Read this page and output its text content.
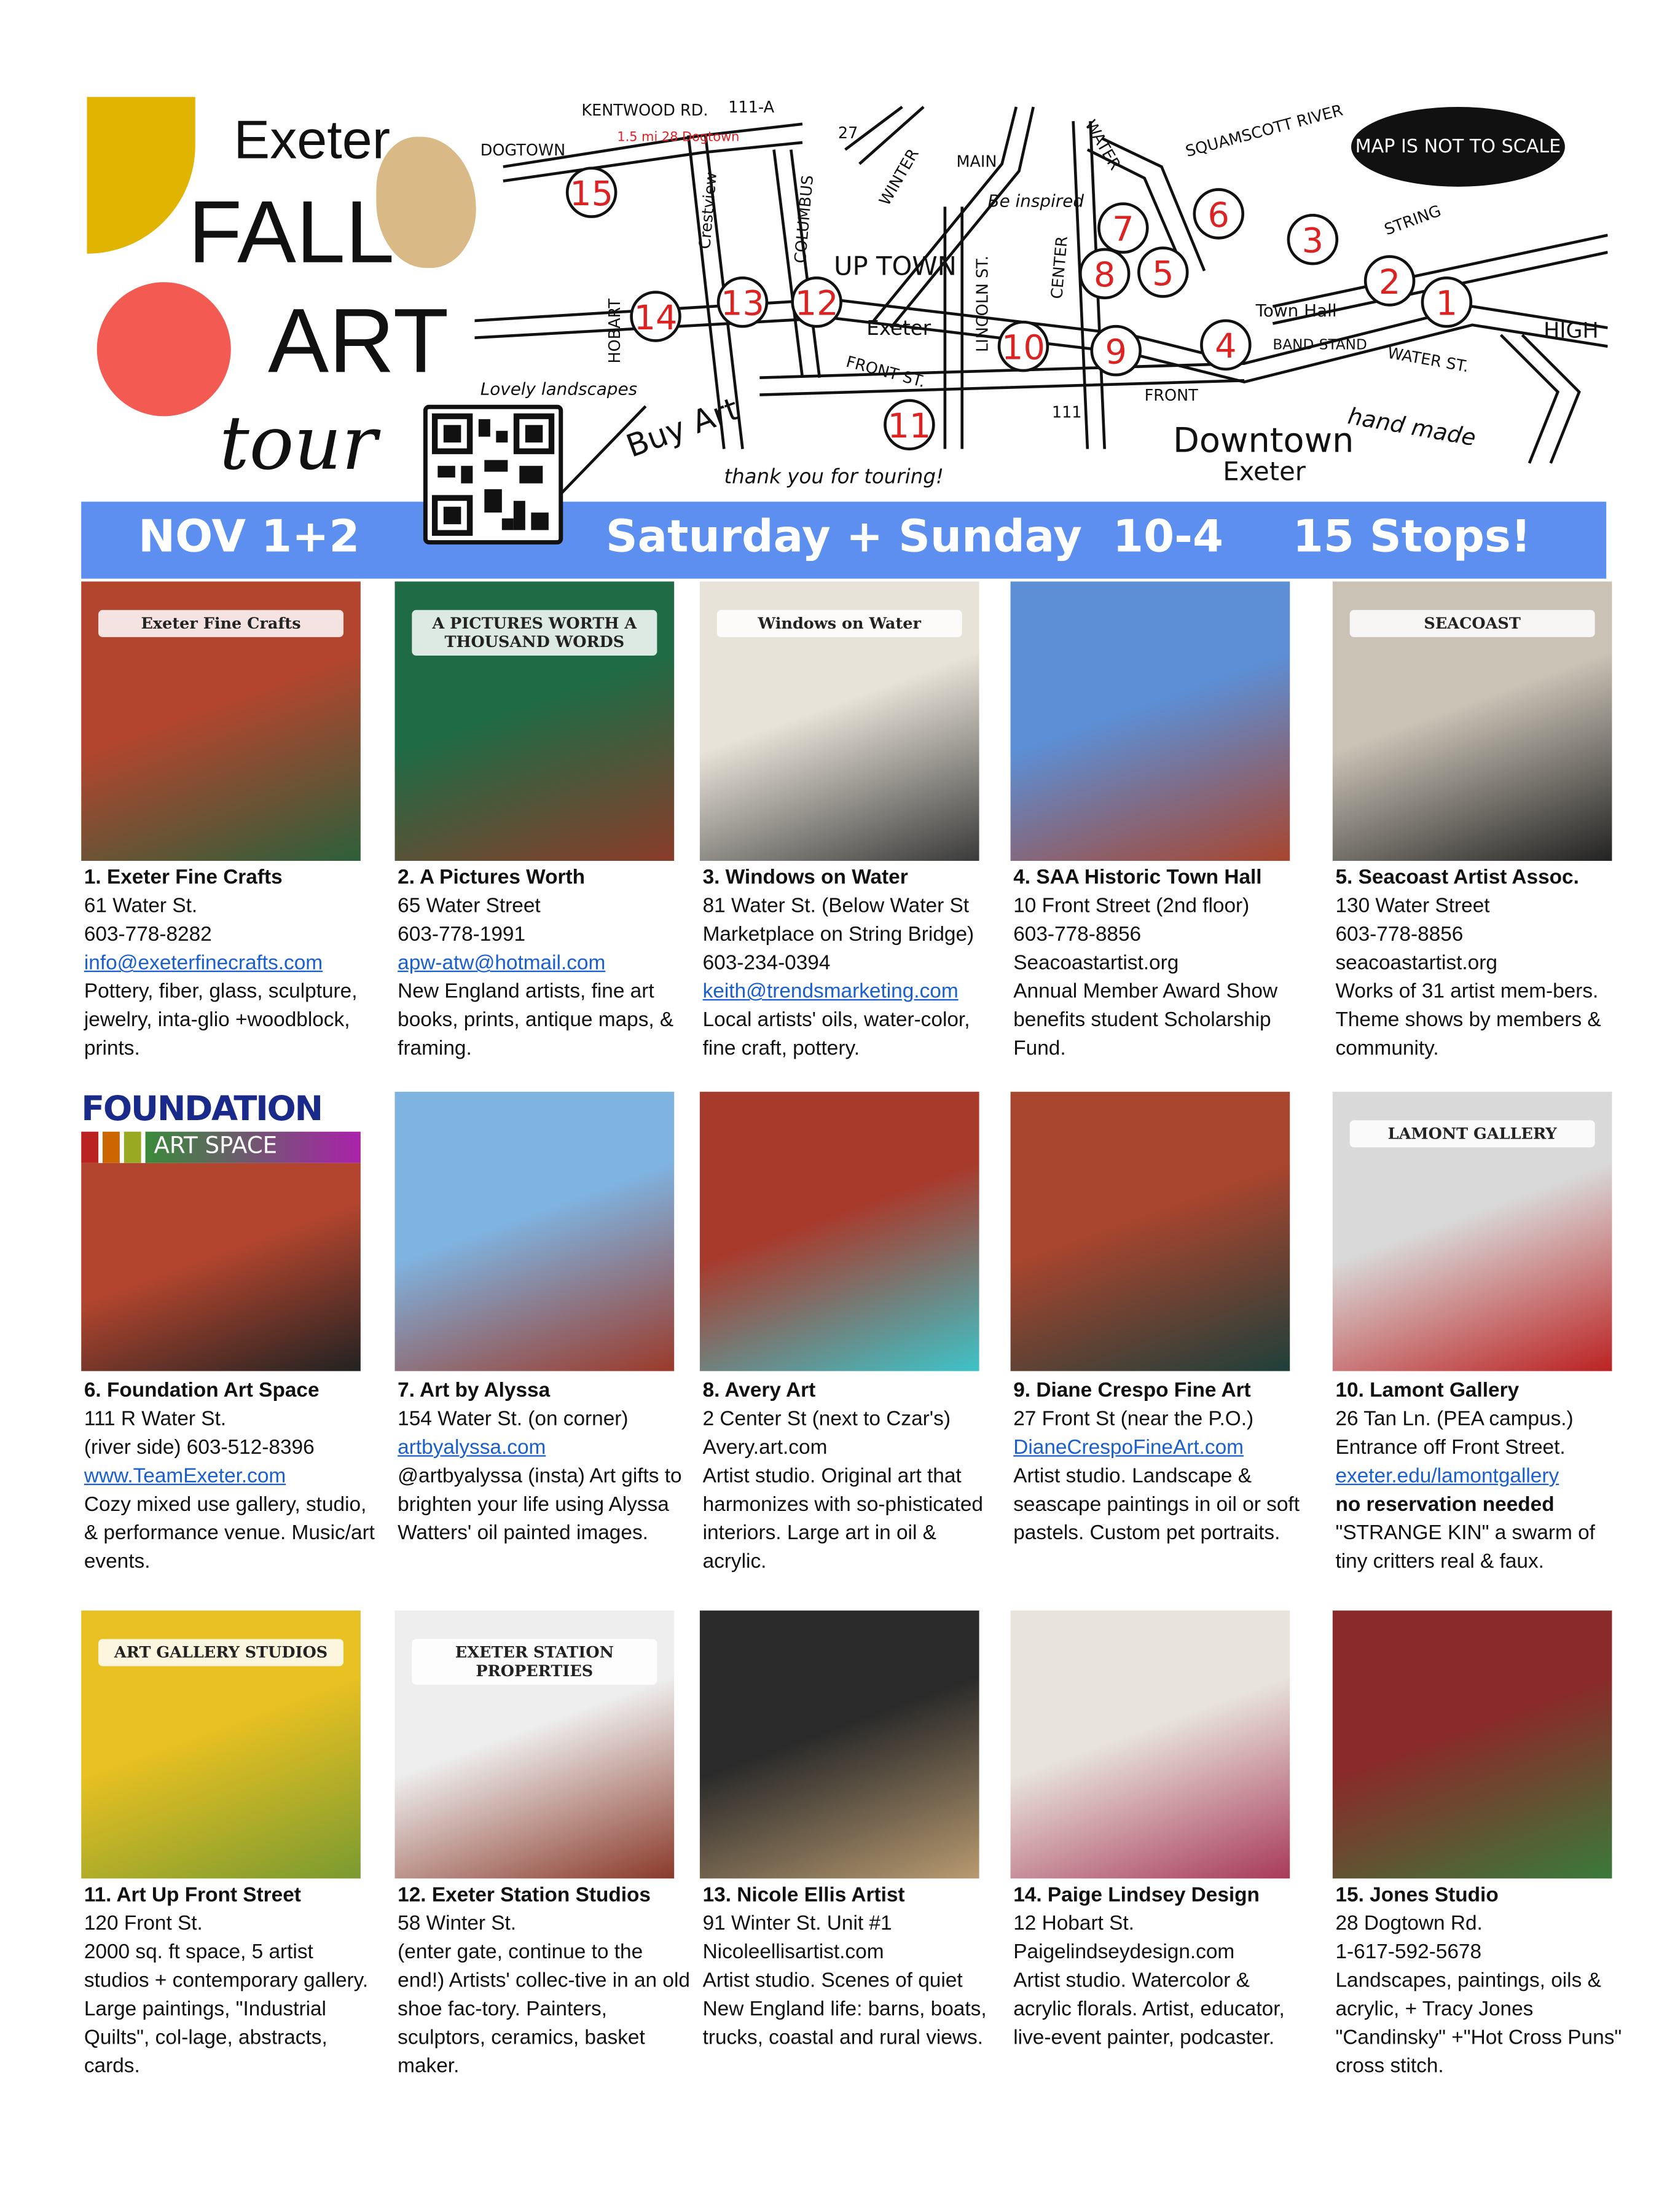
Exeter
FALL
ART
tour
KENTWOOD RD.
DOGTOWN
Crestview	COLUMBUS	WINTER	MAIN
LINCOLN ST.	CENTER
WATER
STRING
WATER ST.
HIGH
FRONT ST.
FRONT
HOBART
SQUAMSCOTT RIVER
111-A
27
111
1.5 mi 28 Dogtown
Lovely landscapes
Be inspired
UP TOWN
Exeter
Town Hall
BAND-STAND
Buy Art
thank you for touring!
Downtown
Exeter
hand made
MAP IS NOT TO SCALE
1
2
3
4
5
6
7
8
9
10
11
12
13
14
15
NOV 1+2	Saturday + Sunday  10-4	15 Stops!
Exeter Fine Crafts
1. Exeter Fine Crafts
61 Water St.
603-778-8282
info@exeterfinecrafts.com
Pottery, fiber, glass, sculpture, jewelry, inta-glio +woodblock, prints.
A PICTURES WORTH A THOUSAND WORDS
2. A Pictures Worth
65 Water Street
603-778-1991
apw-atw@hotmail.com
New England artists, fine art books, prints, antique maps, & framing.
Windows on Water
3. Windows on Water
81 Water St. (Below Water St Marketplace on String Bridge) 603-234-0394
keith@trendsmarketing.com
Local artists' oils, water-color, fine craft, pottery.
4. SAA Historic Town Hall
10 Front Street (2nd floor)
603-778-8856
Seacoastartist.org
Annual Member Award Show benefits student Scholarship Fund.
SEACOAST
5. Seacoast Artist Assoc.
130 Water Street
603-778-8856
seacoastartist.org
Works of 31 artist mem-bers. Theme shows by members & community.
FOUNDATION
ART SPACE
6. Foundation Art Space
111 R Water St.
(river side) 603-512-8396
www.TeamExeter.com
Cozy mixed use gallery, studio, & performance venue. Music/art events.
7. Art by Alyssa
154 Water St. (on corner)
artbyalyssa.com
@artbyalyssa (insta) Art gifts to brighten your life using Alyssa Watters' oil painted images.
8. Avery Art
2 Center St (next to Czar's)
Avery.art.com
Artist studio. Original art that harmonizes with so-phisticated interiors. Large art in oil & acrylic.
9. Diane Crespo Fine Art
27 Front St (near the P.O.)
DianeCrespoFineArt.com
Artist studio. Landscape & seascape paintings in oil or soft pastels. Custom pet portraits.
LAMONT GALLERY
10. Lamont Gallery
26 Tan Ln. (PEA campus.)
Entrance off Front Street.
exeter.edu/lamontgallery
no reservation needed
"STRANGE KIN" a swarm of tiny critters real & faux.
ART GALLERY STUDIOS
11. Art Up Front Street
120 Front St.
2000 sq. ft space, 5 artist studios + contemporary gallery. Large paintings, "Industrial Quilts", col-lage, abstracts, cards.
EXETER STATION PROPERTIES
12. Exeter Station Studios
58 Winter St.
(enter gate, continue to the end!) Artists' collec-tive in an old shoe fac-tory. Painters, sculptors, ceramics, basket maker.
13. Nicole Ellis Artist
91 Winter St. Unit #1
Nicoleellisartist.com
Artist studio. Scenes of quiet New England life: barns, boats, trucks, coastal and rural views.
14. Paige Lindsey Design
12 Hobart St.
Paigelindseydesign.com
Artist studio. Watercolor & acrylic florals. Artist, educator, live-event painter, podcaster.
15. Jones Studio
28 Dogtown Rd.
1-617-592-5678
Landscapes, paintings, oils & acrylic, + Tracy Jones "Candinsky" +"Hot Cross Puns" cross stitch.
